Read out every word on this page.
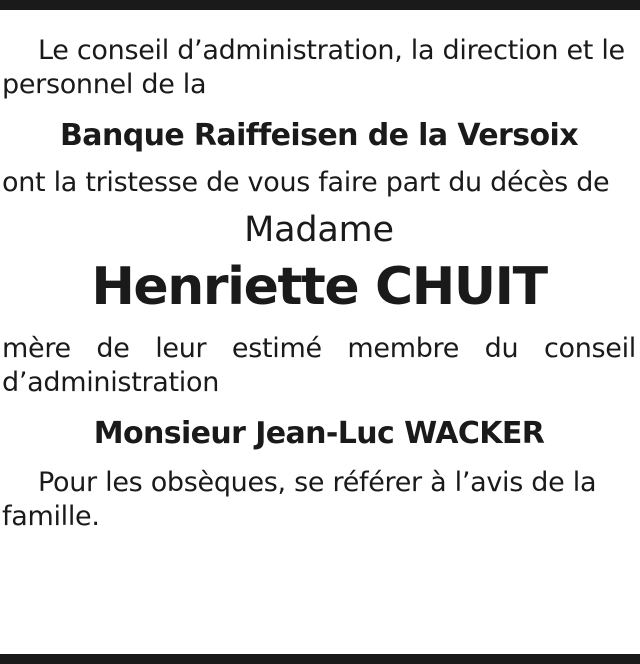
Le conseil d’administration, la direction et le personnel de la

Banque Raiffeisen de la Versoix

ont la tristesse de vous faire part du décès de

Madame

Henriette CHUIT

mère de leur estimé membre du conseil d’administration

Monsieur Jean-Luc WACKER

Pour les obsèques, se référer à l’avis de la famille.
